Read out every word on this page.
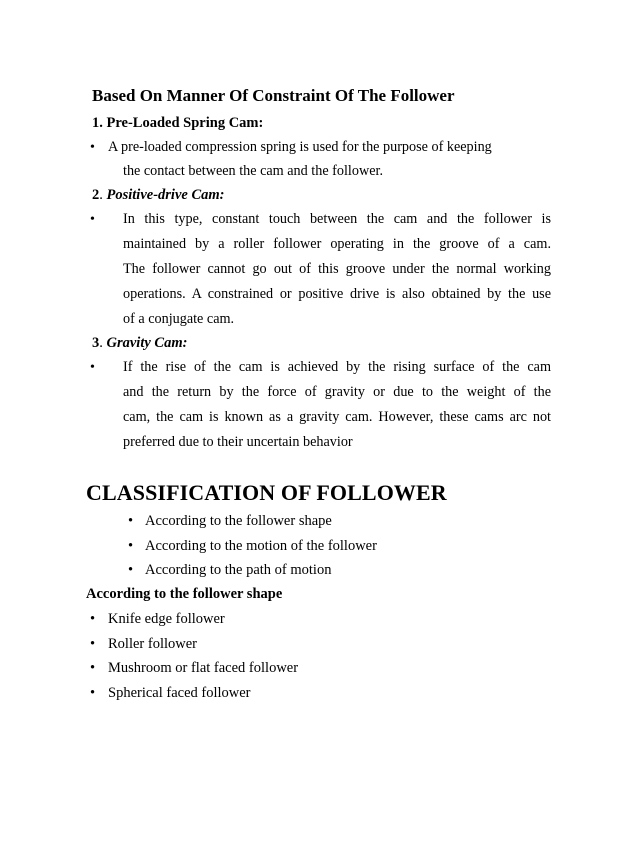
Based On Manner Of Constraint Of The Follower
1. Pre-Loaded Spring Cam:
• A pre-loaded compression spring is used for the purpose of keeping
the contact between the cam and the follower.
2. Positive-drive Cam:
• In this type, constant touch between the cam and the follower is
maintained by a roller follower operating in the groove of a cam.
The follower cannot go out of this groove under the normal working
operations. A constrained or positive drive is also obtained by the use
of a conjugate cam.
3. Gravity Cam:
• If the rise of the cam is achieved by the rising surface of the cam
and the return by the force of gravity or due to the weight of the
cam, the cam is known as a gravity cam. However, these cams arc not
preferred due to their uncertain behavior
CLASSIFICATION OF FOLLOWER
• According to the follower shape
• According to the motion of the follower
• According to the path of motion
According to the follower shape
• Knife edge follower
• Roller follower
• Mushroom or flat faced follower
• Spherical faced follower
